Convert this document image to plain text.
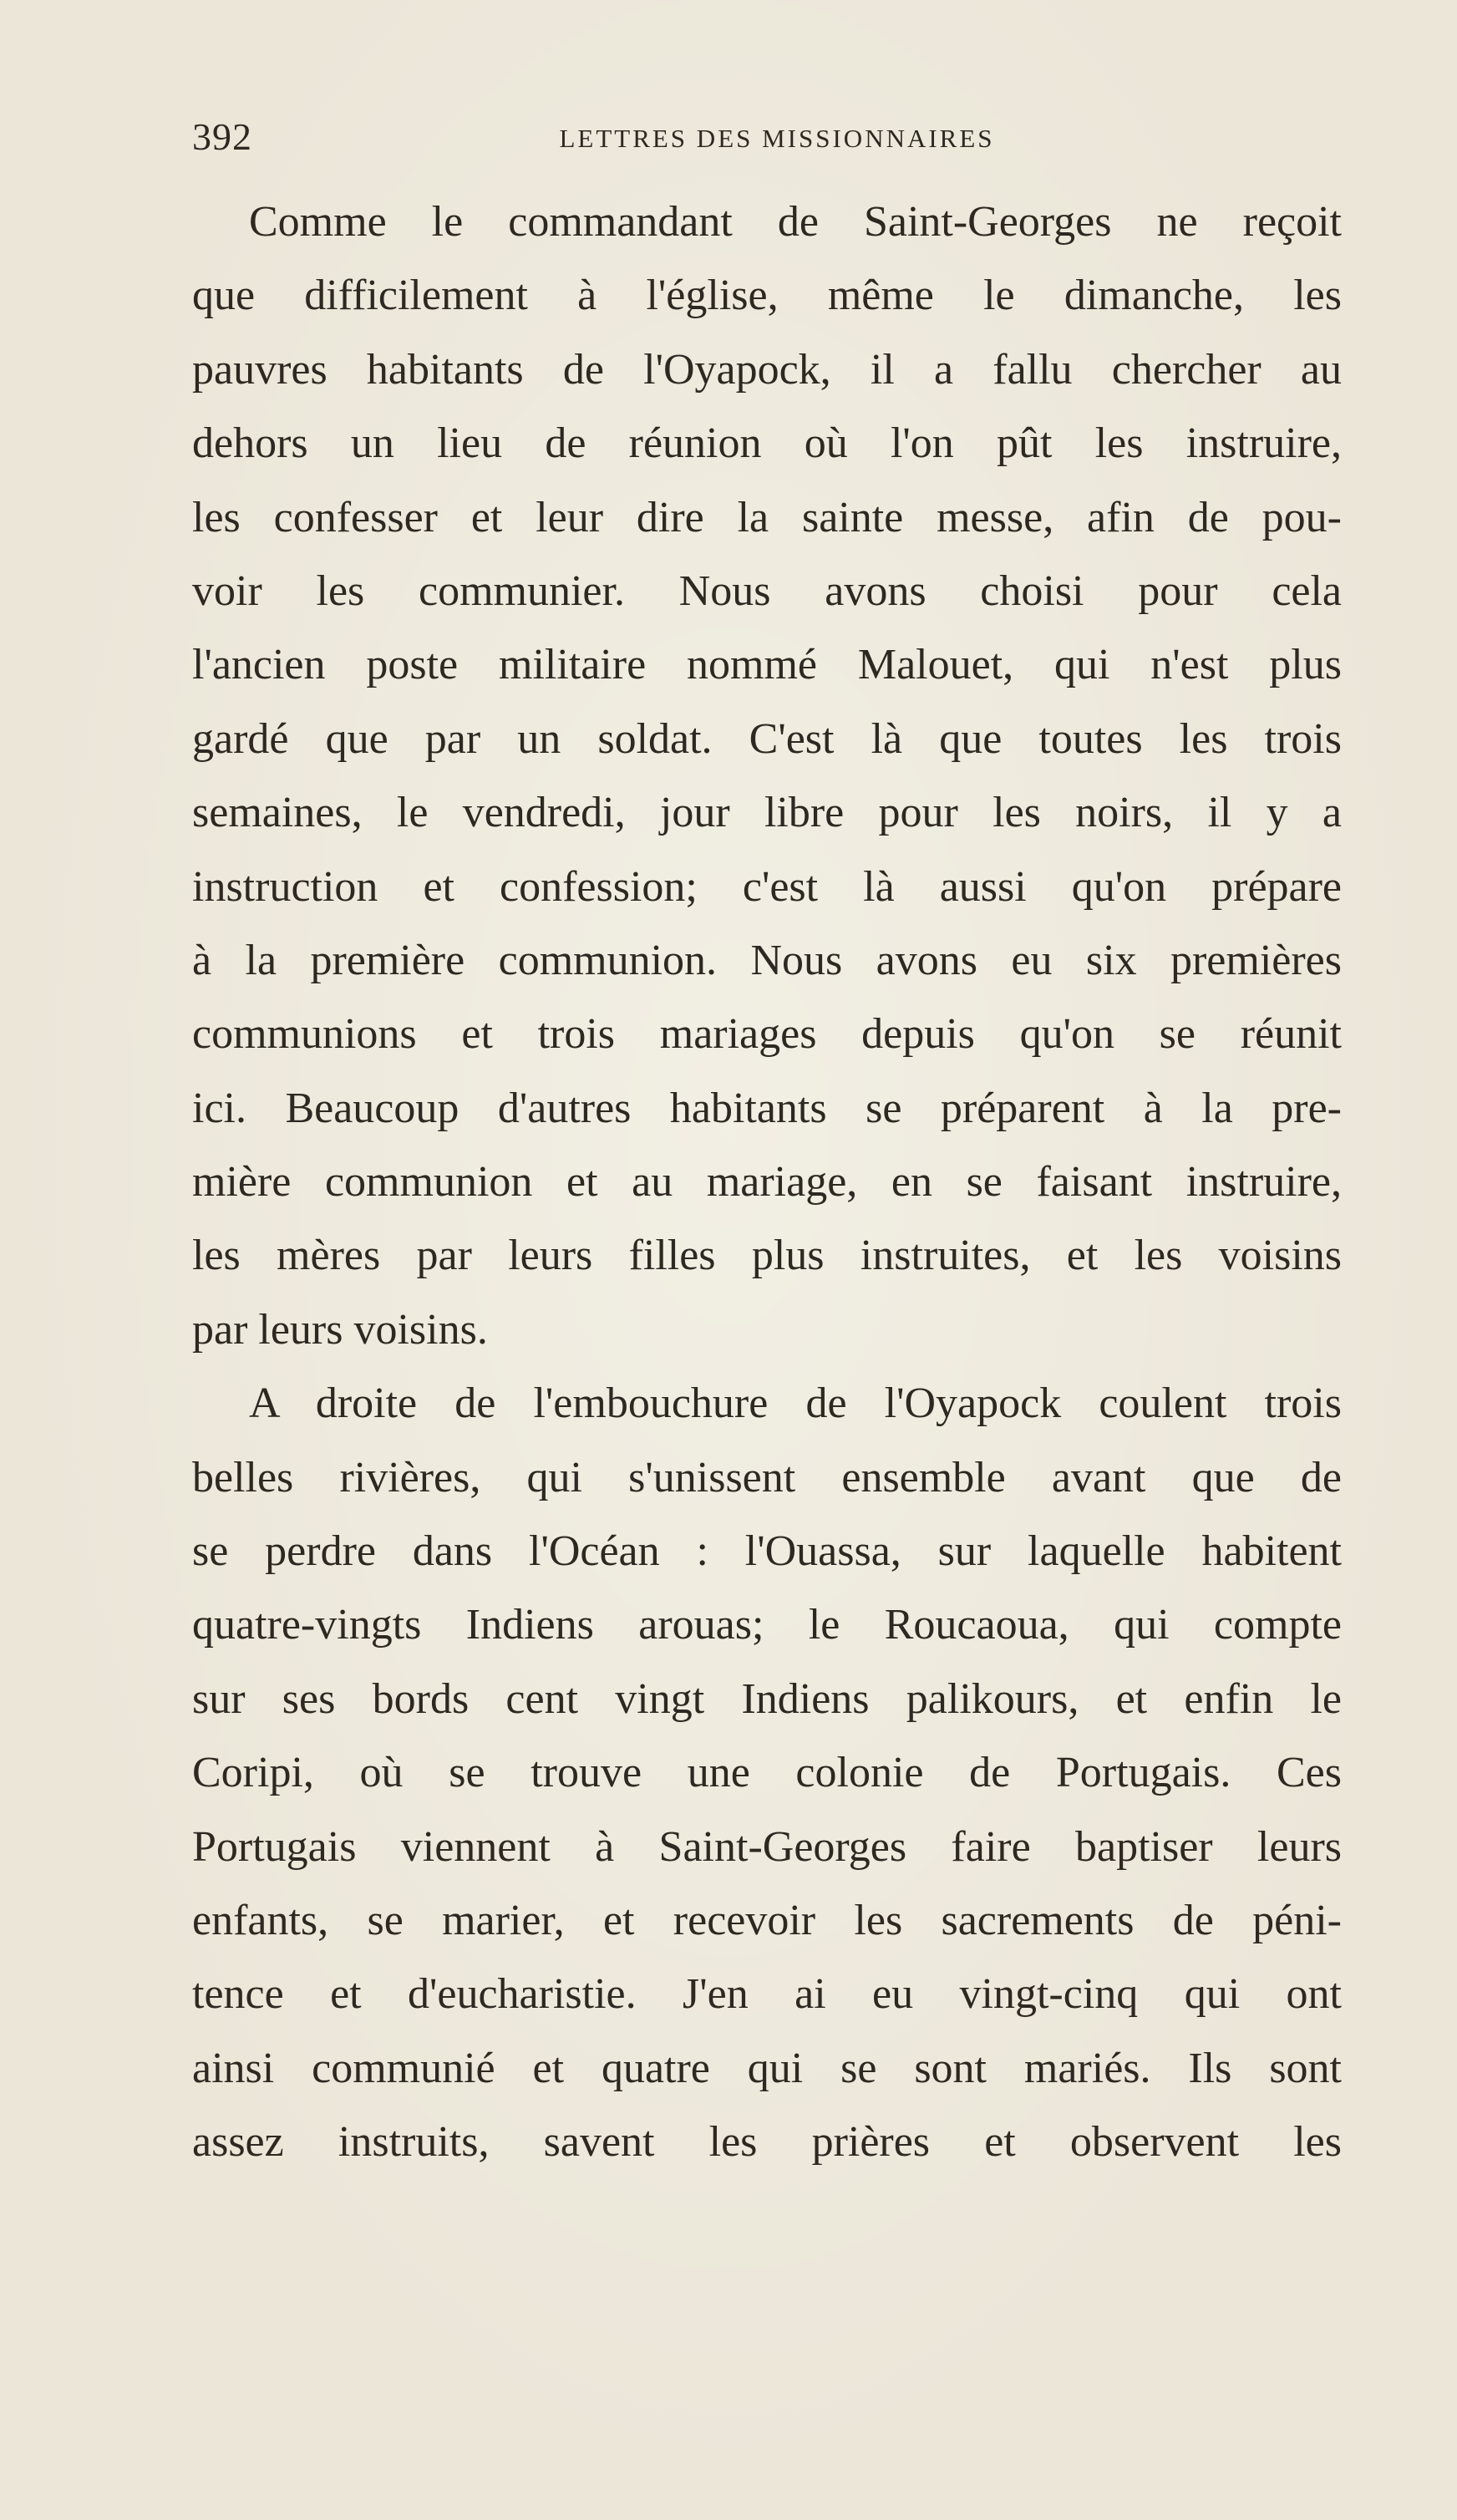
392	LETTRES DES MISSIONNAIRES
Comme le commandant de Saint-Georges ne reçoit
que difficilement à l'église, même le dimanche, les
pauvres habitants de l'Oyapock, il a fallu chercher au
dehors un lieu de réunion où l'on pût les instruire,
les confesser et leur dire la sainte messe, afin de pou-
voir les communier. Nous avons choisi pour cela
l'ancien poste militaire nommé Malouet, qui n'est plus
gardé que par un soldat. C'est là que toutes les trois
semaines, le vendredi, jour libre pour les noirs, il y a
instruction et confession; c'est là aussi qu'on prépare
à la première communion. Nous avons eu six premières
communions et trois mariages depuis qu'on se réunit
ici. Beaucoup d'autres habitants se préparent à la pre-
mière communion et au mariage, en se faisant instruire,
les mères par leurs filles plus instruites, et les voisins
par leurs voisins.
A droite de l'embouchure de l'Oyapock coulent trois
belles rivières, qui s'unissent ensemble avant que de
se perdre dans l'Océan : l'Ouassa, sur laquelle habitent
quatre-vingts Indiens arouas; le Roucaoua, qui compte
sur ses bords cent vingt Indiens palikours, et enfin le
Coripi, où se trouve une colonie de Portugais. Ces
Portugais viennent à Saint-Georges faire baptiser leurs
enfants, se marier, et recevoir les sacrements de péni-
tence et d'eucharistie. J'en ai eu vingt-cinq qui ont
ainsi communié et quatre qui se sont mariés. Ils sont
assez instruits, savent les prières et observent les
